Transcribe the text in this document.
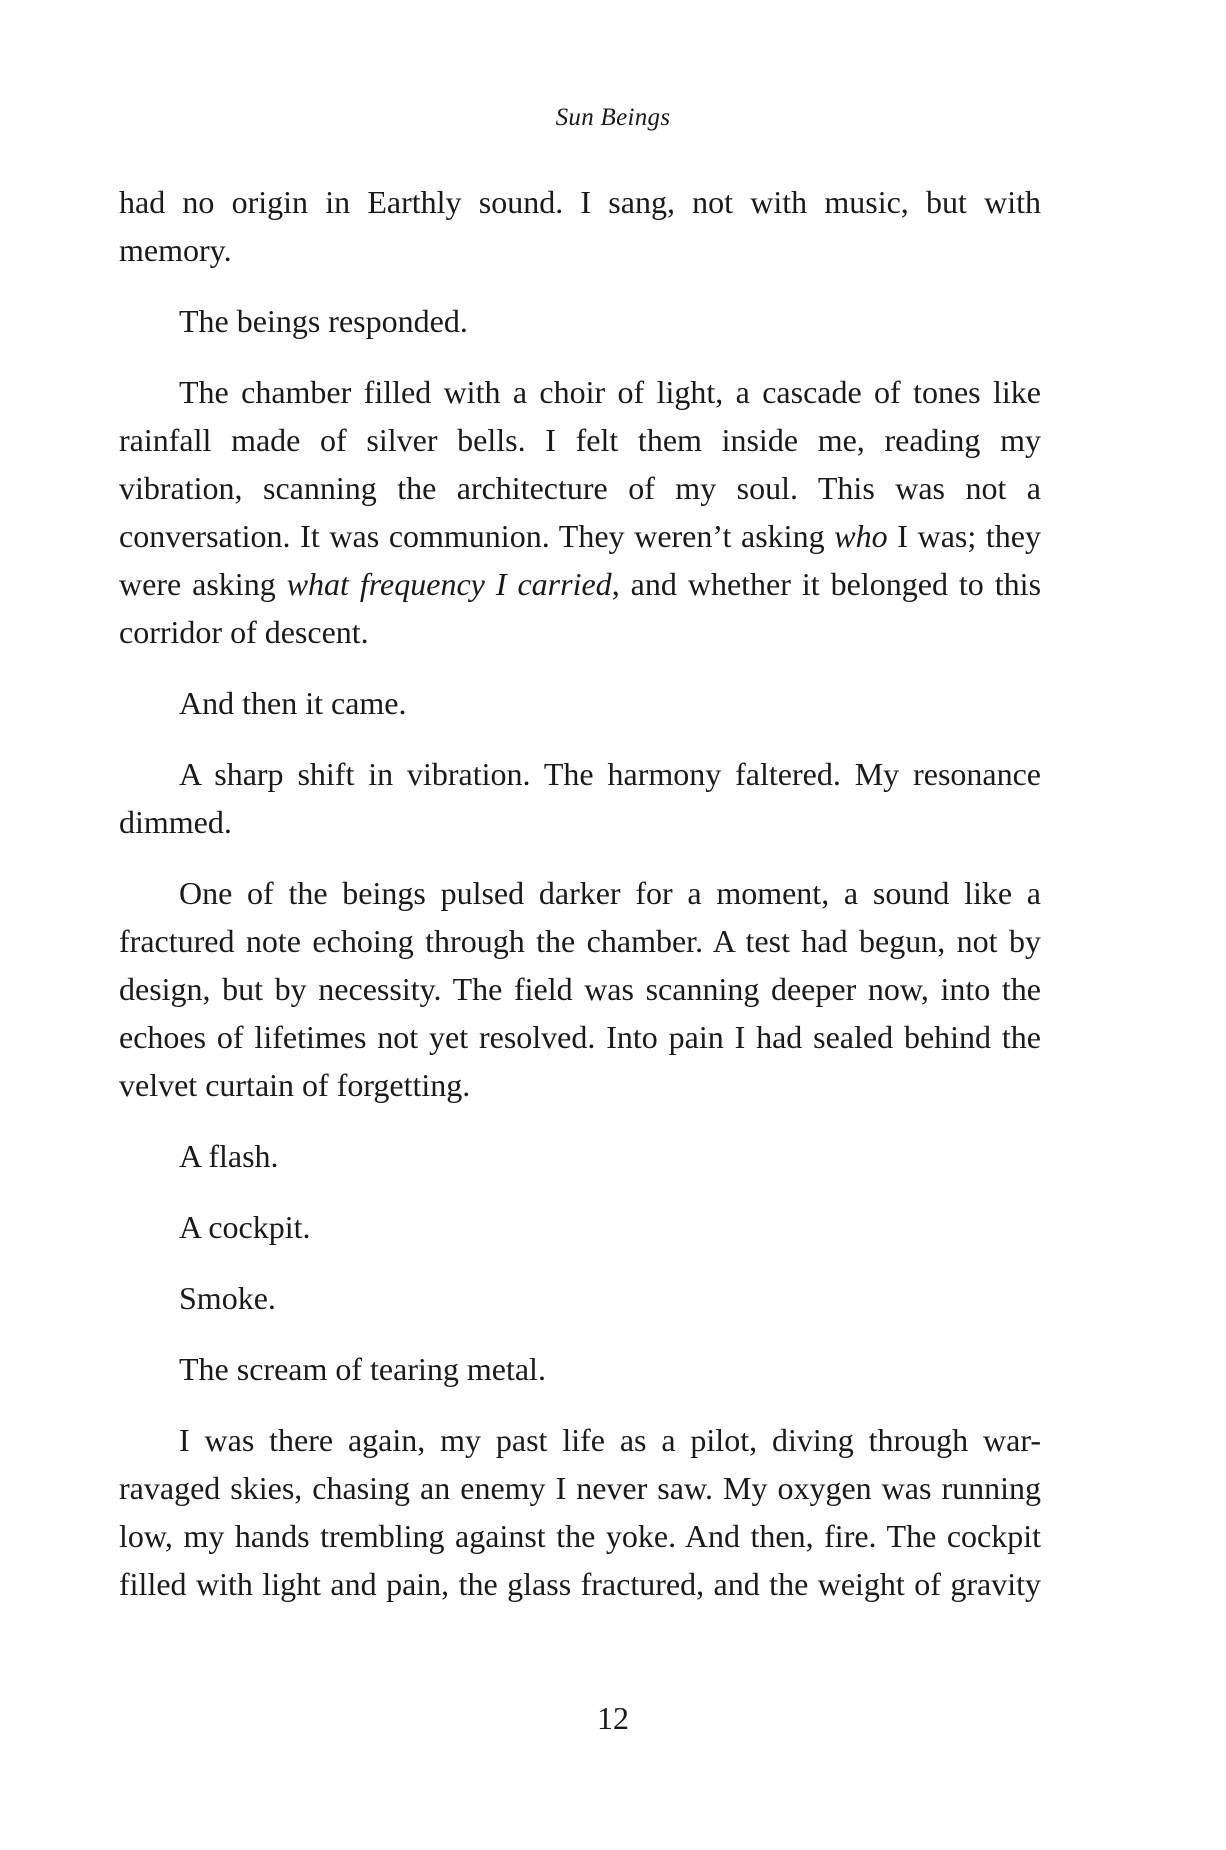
Sun Beings

had no origin in Earthly sound. I sang, not with music, but with memory.

The beings responded.

The chamber filled with a choir of light, a cascade of tones like rainfall made of silver bells. I felt them inside me, reading my vibration, scanning the architecture of my soul. This was not a conversation. It was communion. They weren’t asking who I was; they were asking what frequency I carried, and whether it belonged to this corridor of descent.

And then it came.

A sharp shift in vibration. The harmony faltered. My resonance dimmed.

One of the beings pulsed darker for a moment, a sound like a fractured note echoing through the chamber. A test had begun, not by design, but by necessity. The field was scanning deeper now, into the echoes of lifetimes not yet resolved. Into pain I had sealed behind the velvet curtain of forgetting.

A flash.

A cockpit.

Smoke.

The scream of tearing metal.

I was there again, my past life as a pilot, diving through war-ravaged skies, chasing an enemy I never saw. My oxygen was running low, my hands trembling against the yoke. And then, fire. The cockpit filled with light and pain, the glass fractured, and the weight of gravity

12
